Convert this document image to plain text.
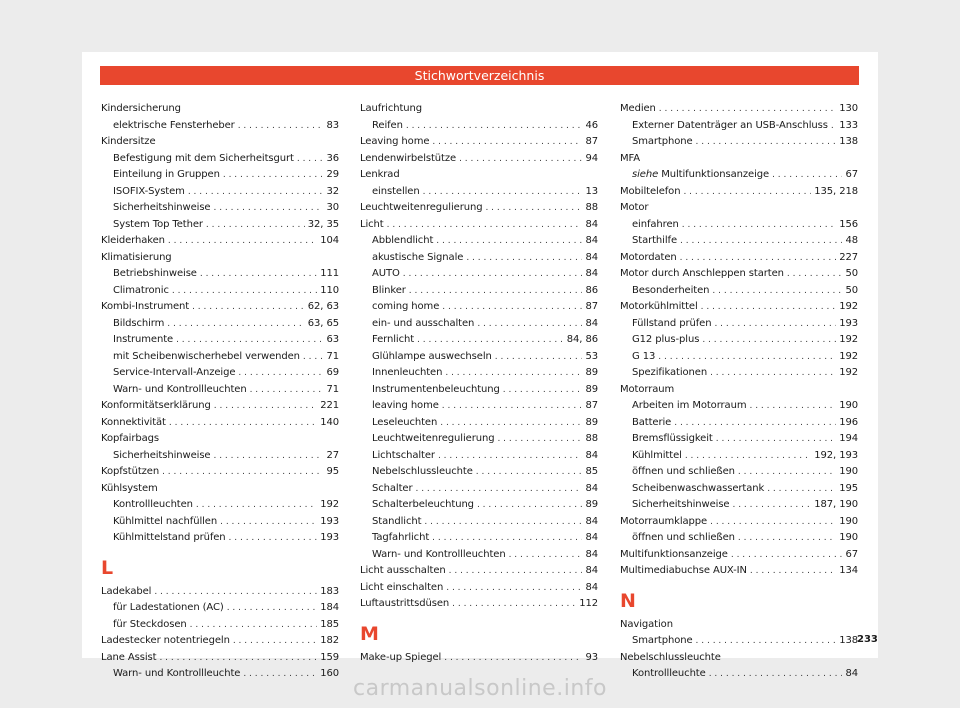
Stichwortverzeichnis
Kindersicherung
elektrische Fensterheber . . .	83
Kindersitze
Befestigung mit dem Sicherheitsgurt . . .	36
Einteilung in Gruppen . . .	29
ISOFIX-System . . .	32
Sicherheitshinweise . . .	30
System Top Tether . . .	32, 35
Kleiderhaken . . .	104
Klimatisierung
Betriebshinweise . . .	111
Climatronic . . .	110
Kombi-Instrument . . .	62, 63
Bildschirm . . .	63, 65
Instrumente . . .	63
mit Scheibenwischerhebel verwenden . . .	71
Service-Intervall-Anzeige . . .	69
Warn- und Kontrollleuchten . . .	71
Konformitätserklärung . . .	221
Konnektivität . . .	140
Kopfairbags
Sicherheitshinweise . . .	27
Kopfstützen . . .	95
Kühlsystem
Kontrollleuchten . . .	192
Kühlmittel nachfüllen . . .	193
Kühlmittelstand prüfen . . .	193
L
Ladekabel . . .	183
für Ladestationen (AC) . . .	184
für Steckdosen . . .	185
Ladestecker notentriegeln . . .	182
Lane Assist . . .	159
Warn- und Kontrollleuchte . . .	160
Laufrichtung
Reifen . . .	46
Leaving home . . .	87
Lendenwirbelstütze . . .	94
Lenkrad
einstellen . . .	13
Leuchtweitenregulierung . . .	88
Licht . . .	84
Abblendlicht . . .	84
akustische Signale . . .	84
AUTO . . .	84
Blinker . . .	86
coming home . . .	87
ein- und ausschalten . . .	84
Fernlicht . . .	84, 86
Glühlampe auswechseln . . .	53
Innenleuchten . . .	89
Instrumentenbeleuchtung . . .	89
leaving home . . .	87
Leseleuchten . . .	89
Leuchtweitenregulierung . . .	88
Lichtschalter . . .	84
Nebelschlussleuchte . . .	85
Schalter . . .	84
Schalterbeleuchtung . . .	89
Standlicht . . .	84
Tagfahrlicht . . .	84
Warn- und Kontrollleuchten . . .	84
Licht ausschalten . . .	84
Licht einschalten . . .	84
Luftaustrittsdüsen . . .	112
M
Make-up Spiegel . . .	93
Medien . . .	130
Externer Datenträger an USB-Anschluss . . . 133
Smartphone . . .	138
MFA
siehe Multifunktionsanzeige . . .	67
Mobiltelefon . . .	135, 218
Motor
einfahren . . .	156
Starthilfe . . .	48
Motordaten . . .	227
Motor durch Anschleppen starten . . .	50
Besonderheiten . . .	50
Motorkühlmittel . . .	192
Füllstand prüfen . . .	193
G12 plus-plus . . .	192
G 13 . . .	192
Spezifikationen . . .	192
Motorraum
Arbeiten im Motorraum . . .	190
Batterie . . .	196
Bremsflüssigkeit . . .	194
Kühlmittel . . .	192, 193
öffnen und schließen . . .	190
Scheibenwaschwassertank . . .	195
Sicherheitshinweise . . .	187, 190
Motorraumklappe . . .	190
öffnen und schließen . . .	190
Multifunktionsanzeige . . .	67
Multimediabuchse AUX-IN . . .	134
N
Navigation
Smartphone . . .	138
Nebelschlussleuchte
Kontrollleuchte . . .	84
233
carmanualsonline.info
